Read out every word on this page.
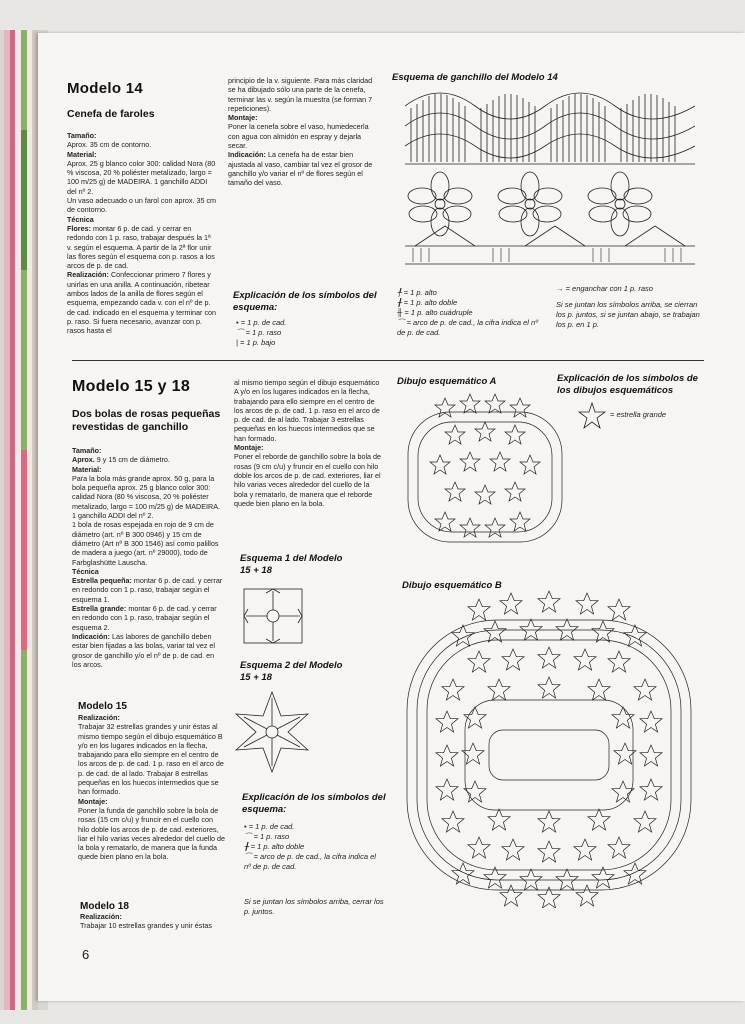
Modelo 14
Cenefa de faroles
Tamaño:
Aprox. 35 cm de contorno.
Material:
Aprox. 25 g blanco color 300: calidad Nora (80 % viscosa, 20 % poliéster metalizado, largo = 100 m/25 g) de MADEIRA. 1 ganchillo ADDI del nº 2.
Un vaso adecuado o un farol con aprox. 35 cm de contorno.
Técnica
Flores: montar 6 p. de cad. y cerrar en redondo con 1 p. raso, trabajar después la 1ª v. según el esquema. A partir de la 2ª flor unir las flores según el esquema con p. rasos a los arcos de p. de cad.
Realización: Confeccionar primero 7 flores y unirlas en una anilla. A continuación, ribetear ambos lados de la anilla de flores según el esquema, empezando cada v. con el nº de p. de cad. indicado en el esquema y terminar con p. raso. Si fuera necesario, avanzar con p. rasos hasta el
principio de la v. siguiente. Para más claridad se ha dibujado sólo una parte de la cenefa, terminar las v. según la muestra (se forman 7 repeticiones).
Montaje:
Poner la cenefa sobre el vaso, humedecerla con agua con almidón en espray y dejarla secar.
Indicación: La cenefa ha de estar bien ajustada al vaso, cambiar tal vez el grosor de ganchillo y/o variar el nº de flores según el tamaño del vaso.
Esquema de ganchillo del Modelo 14
Explicación de los símbolos del esquema:
• = 1 p. de cad.
⌒ = 1 p. raso
| = 1 p. bajo
╀ = 1 p. alto
╂ = 1 p. alto doble
╫ = 1 p. alto cuádruple
⌒ = arco de p. de cad., la cifra indica el nº de p. de cad.
→ = enganchar con 1 p. raso
Si se juntan los símbolos arriba, se cierran los p. juntos, si se juntan abajo, se trabajan los p. en 1 p.
Modelo 15 y 18
Dos bolas de rosas pequeñas revestidas de ganchillo
Tamaño:
Aprox. 9 y 15 cm de diámetro.
Material:
Para la bola más grande aprox. 50 g, para la bola pequeña aprox. 25 g blanco color 300: calidad Nora (80 % viscosa, 20 % poliéster metalizado, largo = 100 m/25 g) de MADEIRA. 1 ganchillo ADDI del nº 2.
1 bola de rosas espejada en rojo de 9 cm de diámetro (art. nº B 300 0946) y 15 cm de diámetro (Art nº B 300 1546) así como palillos de madera a juego (art. nº 29000), todo de Farbglashütte Lauscha.
Técnica
Estrella pequeña: montar 6 p. de cad. y cerrar en redondo con 1 p. raso, trabajar según el esquema 1.
Estrella grande: montar 6 p. de cad. y cerrar en redondo con 1 p. raso, trabajar según el esquema 2.
Indicación: Las labores de ganchillo deben estar bien fijadas a las bolas, variar tal vez el grosor de ganchillo y/o el nº de p. de cad. en los arcos.
Modelo 15
Realización:
Trabajar 32 estrellas grandes y unir éstas al mismo tiempo según el dibujo esquemático B y/o en los lugares indicados en la flecha, trabajando para ello siempre en el centro de los arcos de p. de cad. 1 p. raso en el arco de p. de cad. de al lado. Trabajar 8 estrellas pequeñas en los huecos intermedios que se han formado.
Montaje:
Poner la funda de ganchillo sobre la bola de rosas (15 cm c/u) y fruncir en el cuello con hilo doble los arcos de p. de cad. exteriores, liar el hilo varias veces alrededor del cuello de la bola y rematarlo, de manera que la funda quede bien plano en la bola.
Modelo 18
Realización:
Trabajar 10 estrellas grandes y unir éstas
al mismo tiempo según el dibujo esquemático A y/o en los lugares indicados en la flecha, trabajando para ello siempre en el centro de los arcos de p. de cad. 1 p. raso en el arco de p. de cad. de al lado. Trabajar 3 estrellas pequeñas en los huecos intermedios que se han formado.
Montaje:
Poner el reborde de ganchillo sobre la bola de rosas (9 cm c/u) y fruncir en el cuello con hilo doble los arcos de p. de cad. exteriores, liar el hilo varias veces alrededor del cuello de la bola y rematarlo, de manera que el reborde quede bien plano en la bola.
Esquema 1 del Modelo 15 + 18
Esquema 2 del Modelo 15 + 18
Explicación de los símbolos del esquema:
• = 1 p. de cad.
⌒ = 1 p. raso
╂ = 1 p. alto doble
⌒ = arco de p. de cad., la cifra indica el nº de p. de cad.
Si se juntan los símbolos arriba, cerrar los p. juntos.
Dibujo esquemático A	Explicación de los símbolos de los dibujos esquemáticos
= estrella grande
Dibujo esquemático B
6
